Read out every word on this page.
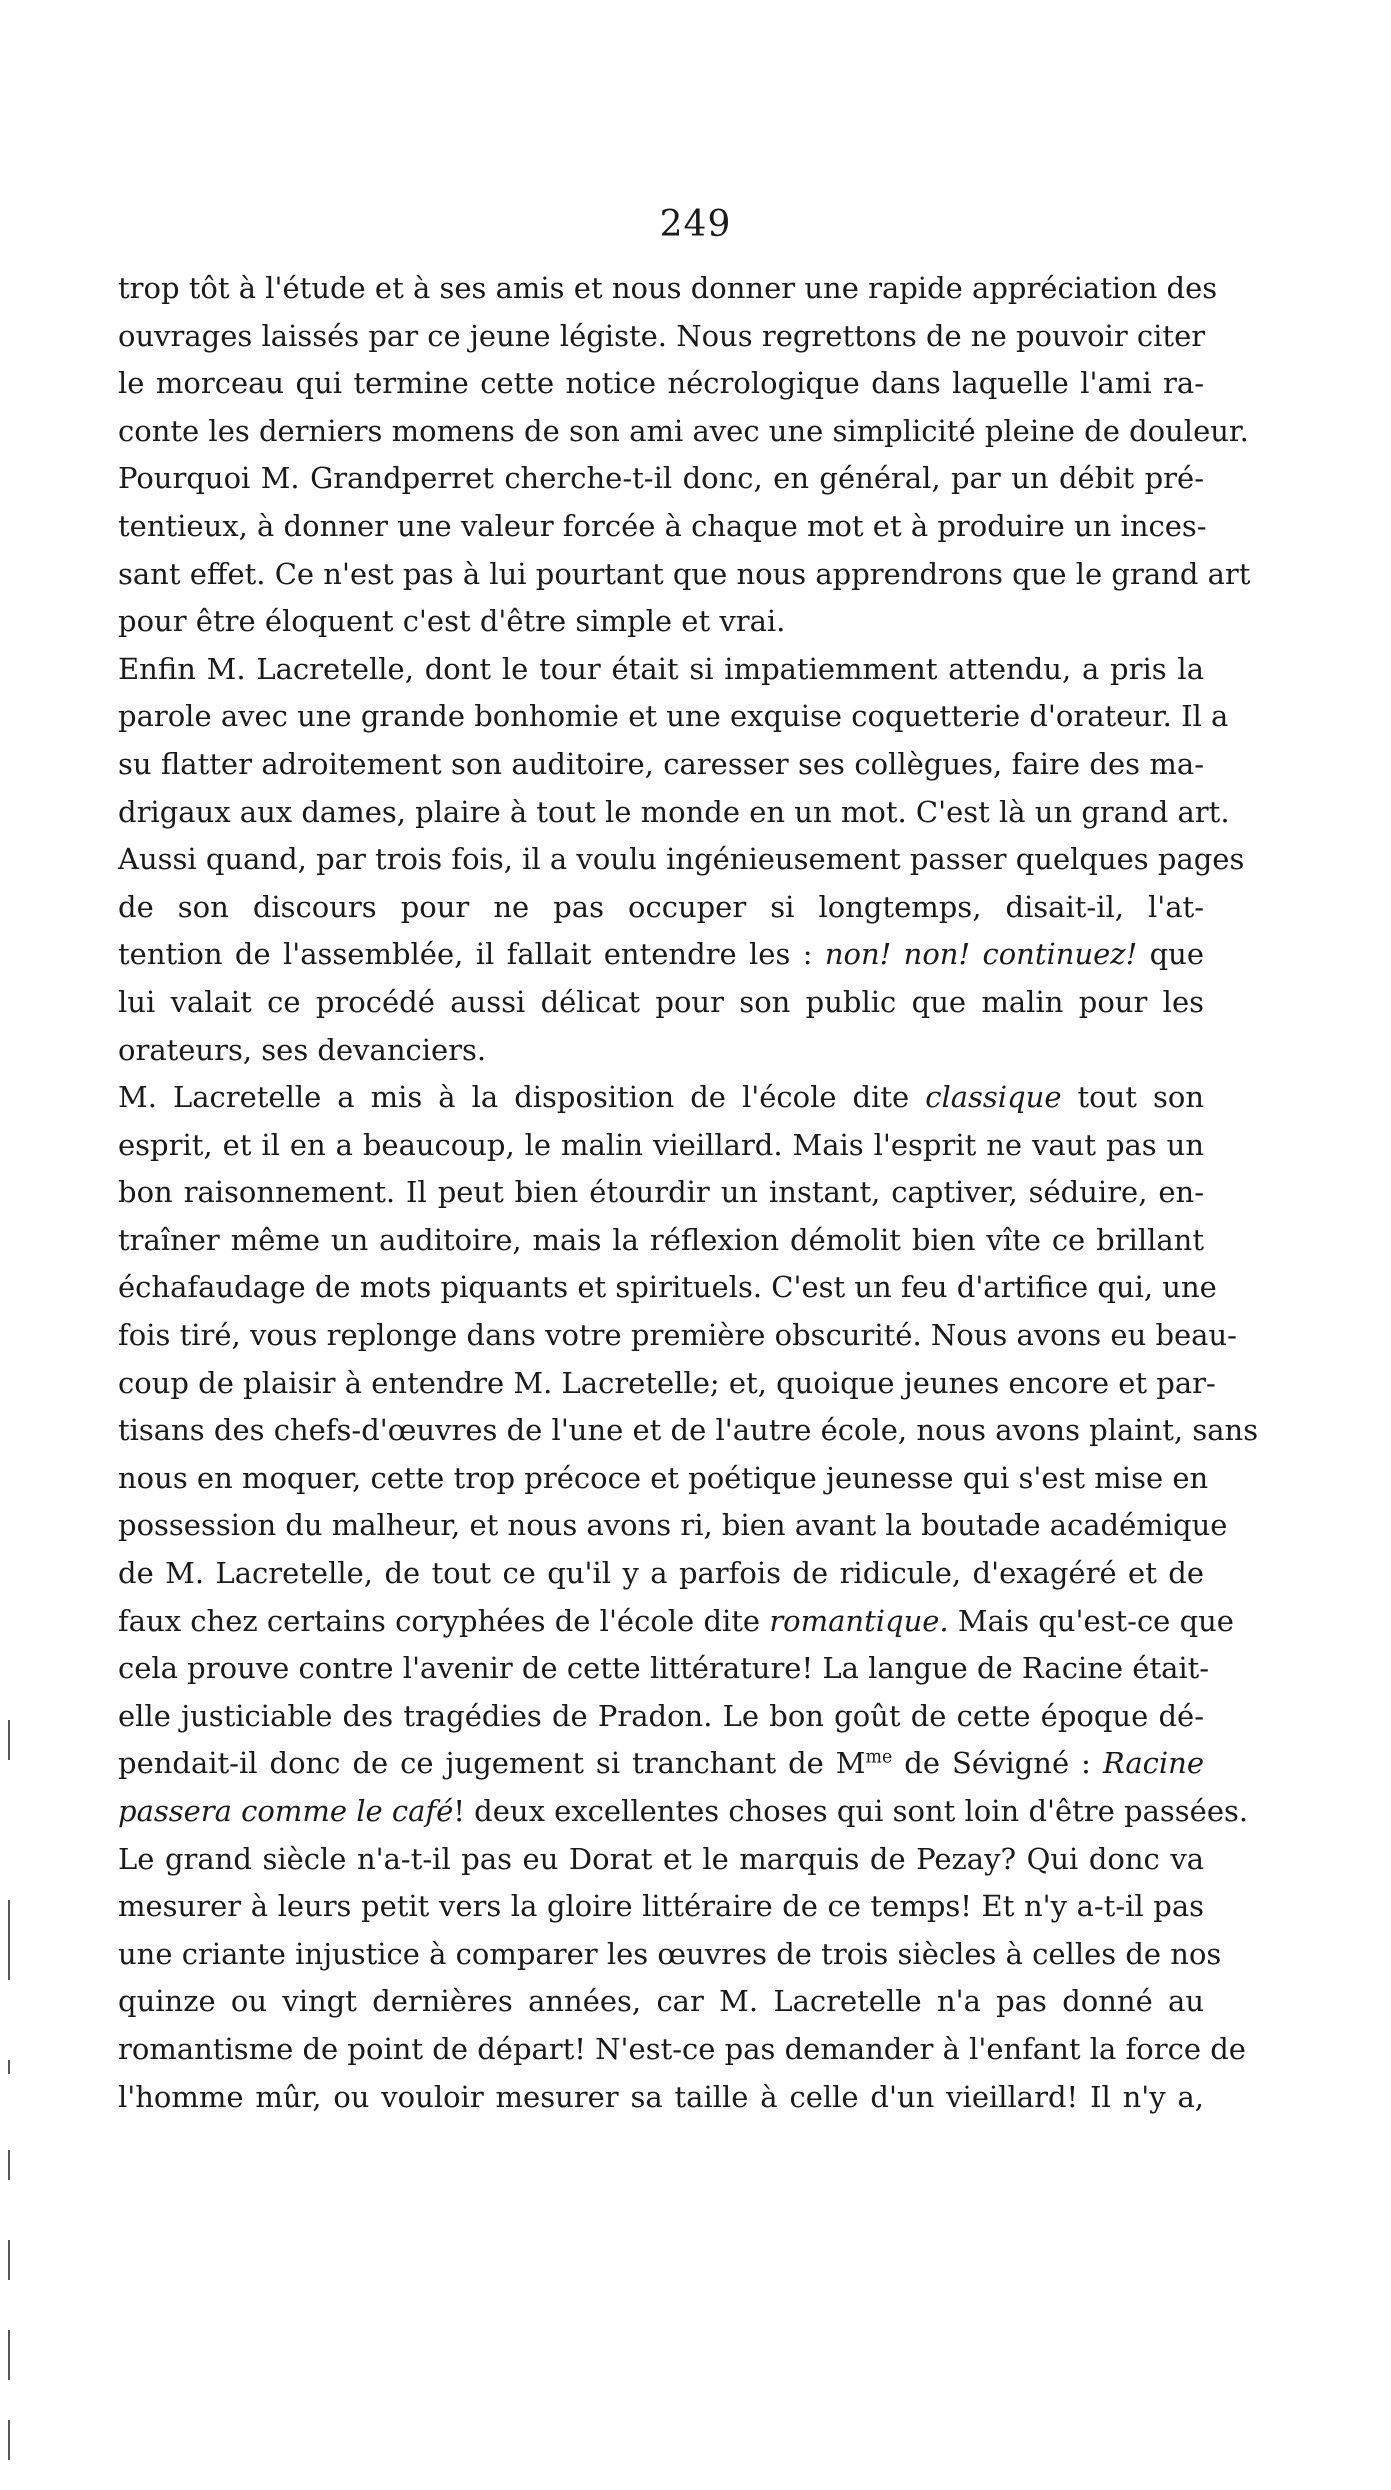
249
trop tôt à l'étude et à ses amis et nous donner une rapide appréciation des
ouvrages laissés par ce jeune légiste. Nous regrettons de ne pouvoir citer
le morceau qui termine cette notice nécrologique dans laquelle l'ami ra-
conte les derniers momens de son ami avec une simplicité pleine de douleur.
Pourquoi M. Grandperret cherche-t-il donc, en général, par un débit pré-
tentieux, à donner une valeur forcée à chaque mot et à produire un inces-
sant effet. Ce n'est pas à lui pourtant que nous apprendrons que le grand art
pour être éloquent c'est d'être simple et vrai.
Enfin M. Lacretelle, dont le tour était si impatiemment attendu, a pris la
parole avec une grande bonhomie et une exquise coquetterie d'orateur. Il a
su flatter adroitement son auditoire, caresser ses collègues, faire des ma-
drigaux aux dames, plaire à tout le monde en un mot. C'est là un grand art.
Aussi quand, par trois fois, il a voulu ingénieusement passer quelques pages
de son discours pour ne pas occuper si longtemps, disait-il, l'at-
tention de l'assemblée, il fallait entendre les : non! non! continuez! que
lui valait ce procédé aussi délicat pour son public que malin pour les
orateurs, ses devanciers.
M. Lacretelle a mis à la disposition de l'école dite classique tout son
esprit, et il en a beaucoup, le malin vieillard. Mais l'esprit ne vaut pas un
bon raisonnement. Il peut bien étourdir un instant, captiver, séduire, en-
traîner même un auditoire, mais la réflexion démolit bien vîte ce brillant
échafaudage de mots piquants et spirituels. C'est un feu d'artifice qui, une
fois tiré, vous replonge dans votre première obscurité. Nous avons eu beau-
coup de plaisir à entendre M. Lacretelle; et, quoique jeunes encore et par-
tisans des chefs-d'œuvres de l'une et de l'autre école, nous avons plaint, sans
nous en moquer, cette trop précoce et poétique jeunesse qui s'est mise en
possession du malheur, et nous avons ri, bien avant la boutade académique
de M. Lacretelle, de tout ce qu'il y a parfois de ridicule, d'exagéré et de
faux chez certains coryphées de l'école dite romantique. Mais qu'est-ce que
cela prouve contre l'avenir de cette littérature! La langue de Racine était-
elle justiciable des tragédies de Pradon. Le bon goût de cette époque dé-
pendait-il donc de ce jugement si tranchant de $M^{me}$ de Sévigné : Racine
passera comme le café! deux excellentes choses qui sont loin d'être passées.
Le grand siècle n'a-t-il pas eu Dorat et le marquis de Pezay? Qui donc va
mesurer à leurs petit vers la gloire littéraire de ce temps! Et n'y a-t-il pas
une criante injustice à comparer les œuvres de trois siècles à celles de nos
quinze ou vingt dernières années, car M. Lacretelle n'a pas donné au
romantisme de point de départ! N'est-ce pas demander à l'enfant la force de
l'homme mûr, ou vouloir mesurer sa taille à celle d'un vieillard! Il n'y a,
